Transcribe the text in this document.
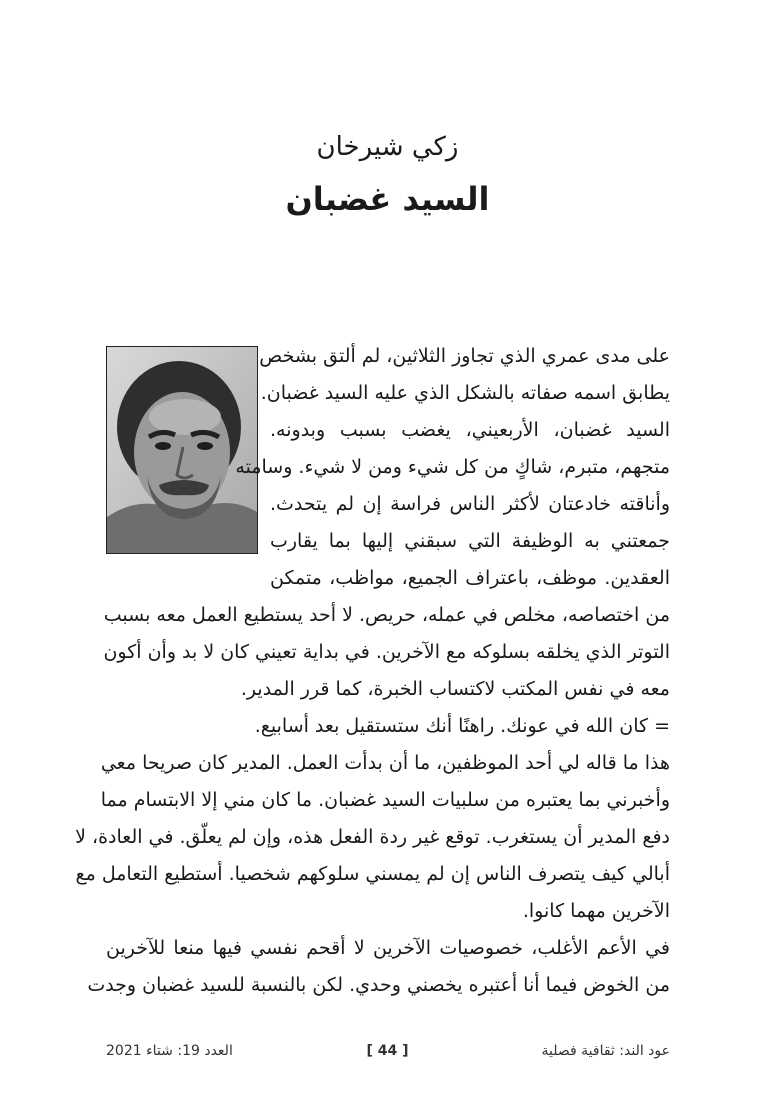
زكي شيرخان
السيد غضبان
على مدى عمري الذي تجاوز الثلاثين، لم ألتق بشخص
يطابق اسمه صفاته بالشكل الذي عليه السيد غضبان.
السيد غضبان، الأربعيني، يغضب بسبب وبدونه.
متجهم، متبرم، شاكٍ من كل شيء ومن لا شيء. وسامته
وأناقته خادعتان لأكثر الناس فراسة إن لم يتحدث.
جمعتني به الوظيفة التي سبقني إليها بما يقارب
العقدين. موظف، باعتراف الجميع، مواظب، متمكن
من اختصاصه، مخلص في عمله، حريص. لا أحد يستطيع العمل معه بسبب
التوتر الذي يخلقه بسلوكه مع الآخرين. في بداية تعيني كان لا بد وأن أكون
معه في نفس المكتب لاكتساب الخبرة، كما قرر المدير.
= كان الله في عونك. راهنًا أنك ستستقيل بعد أسابيع.
هذا ما قاله لي أحد الموظفين، ما أن بدأت العمل. المدير كان صريحا معي
وأخبرني بما يعتبره من سلبيات السيد غضبان. ما كان مني إلا الابتسام مما
دفع المدير أن يستغرب. توقع غير ردة الفعل هذه، وإن لم يعلّق. في العادة، لا
أبالي كيف يتصرف الناس إن لم يمسني سلوكهم شخصيا. أستطيع التعامل مع
الآخرين مهما كانوا.
في الأعم الأغلب، خصوصيات الآخرين لا أقحم نفسي فيها منعا للآخرين
من الخوض فيما أنا أعتبره يخصني وحدي. لكن بالنسبة للسيد غضبان وجدت
عود الند: ثقافية فصلية
[ 44 ]
العدد 19: شتاء 2021
